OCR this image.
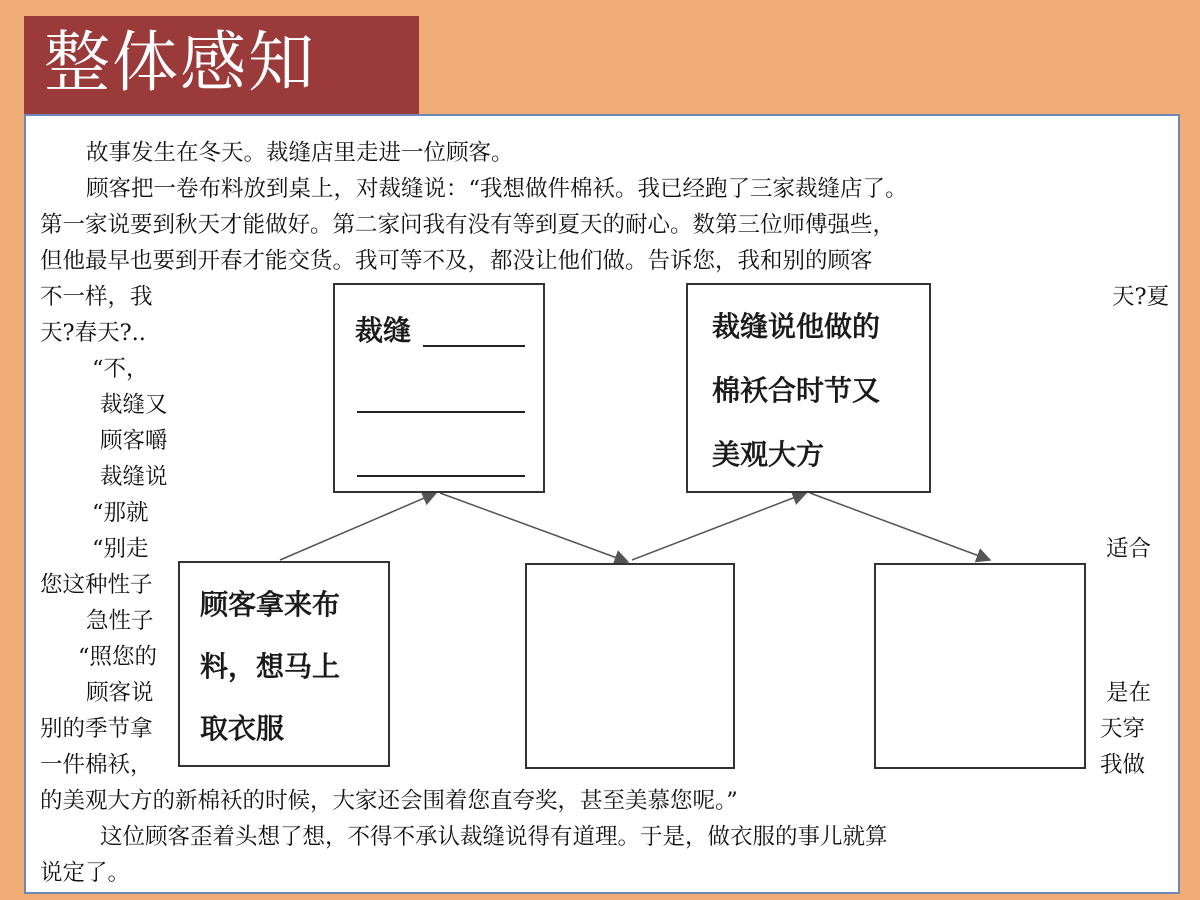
整体感知
故事发生在冬天。裁缝店里走进一位顾客。
顾客把一卷布料放到桌上，对裁缝说：“我想做件棉袄。我已经跑了三家裁缝店了。
第一家说要到秋天才能做好。第二家问我有没有等到夏天的耐心。数第三位师傅强些，
但他最早也要到开春才能交货。我可等不及，都没让他们做。告诉您，我和别的顾客
不一样，我
天?春天?..
“不，
裁缝又
顾客嚼
裁缝说
“那就
“别走
您这种性子
急性子
“照您的
顾客说
别的季节拿
一件棉袄，
的美观大方的新棉袄的时候，大家还会围着您直夸奖，甚至美慕您呢。”
这位顾客歪着头想了想，不得不承认裁缝说得有道理。于是，做衣服的事儿就算
说定了。
天?夏
适合
是在
天穿
我做
裁缝	裁缝说他做的
棉袄合时节又
美观大方
顾客拿来布
料，想马上
取衣服
